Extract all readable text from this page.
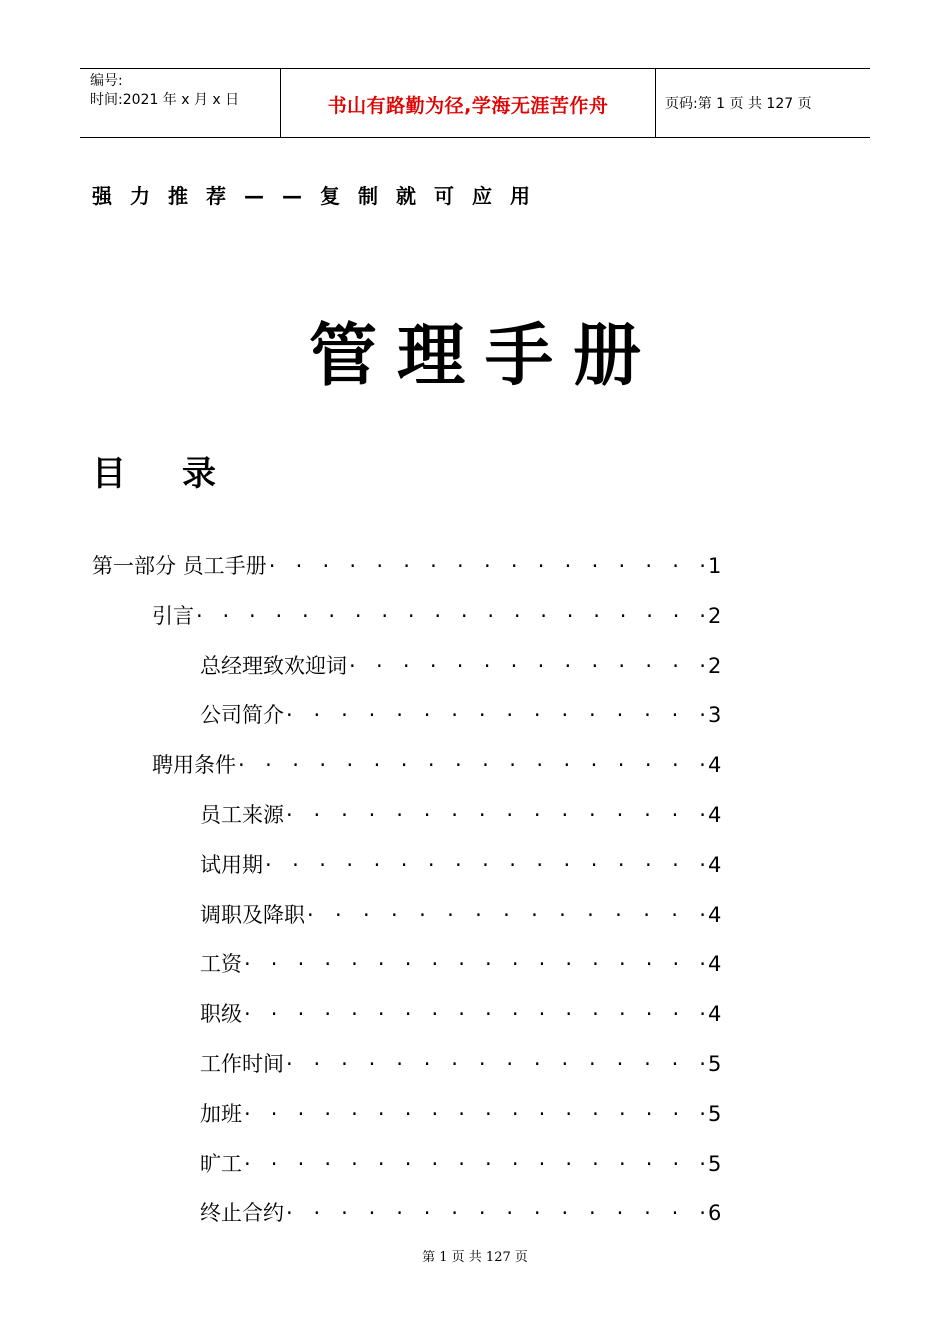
编号:
时间:2021 年 x 月 x 日	书山有路勤为径,学海无涯苦作舟	页码:第 1 页 共 127 页
强力推荐——复制就可应用
管理手册
目录
第一部分 员工手册	1
· · · · · · · · · · · · · · · · ·
引言	2
· · · · · · · · · · · · · · · · · · · ·
总经理致欢迎词	2
· · · · · · · · · · · · · ·
公司简介	3
· · · · · · · · · · · · · · · ·
聘用条件	4
· · · · · · · · · · · · · · · · · ·
员工来源	4
· · · · · · · · · · · · · · · ·
试用期	4
· · · · · · · · · · · · · · · · ·
调职及降职	4
· · · · · · · · · · · · · · ·
工资	4
· · · · · · · · · · · · · · · · · ·
职级	4
· · · · · · · · · · · · · · · · · ·
工作时间	5
· · · · · · · · · · · · · · · ·
加班	5
· · · · · · · · · · · · · · · · · ·
旷工	5
· · · · · · · · · · · · · · · · · ·
终止合约	6
· · · · · · · · · · · · · · · ·
第 1 页 共 127 页
